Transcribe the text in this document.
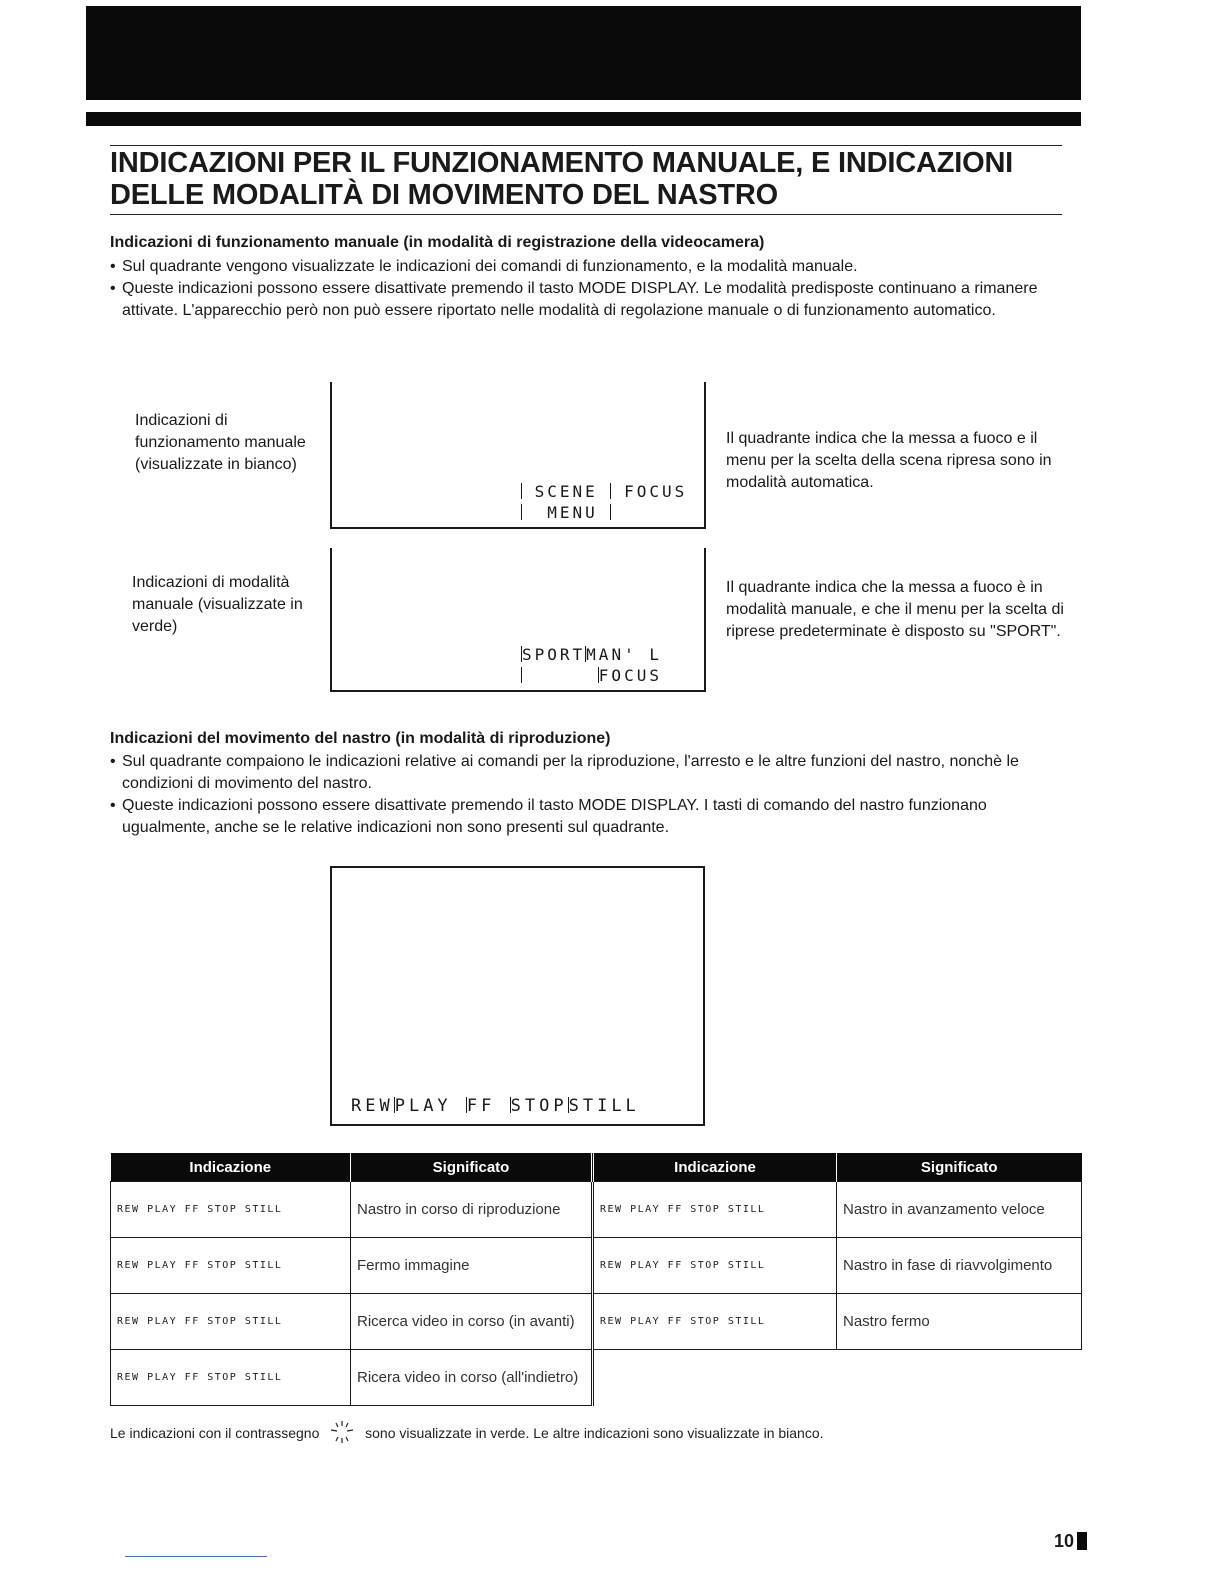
INDICAZIONI PER IL FUNZIONAMENTO MANUALE, E INDICAZIONI DELLE MODALITÀ DI MOVIMENTO DEL NASTRO

Indicazioni di funzionamento manuale (in modalità di registrazione della videocamera)

• Sul quadrante vengono visualizzate le indicazioni dei comandi di funzionamento, e la modalità manuale.
• Queste indicazioni possono essere disattivate premendo il tasto MODE DISPLAY. Le modalità predisposte continuano a rimanere attivate. L'apparecchio però non può essere riportato nelle modalità di regolazione manuale o di funzionamento automatico.
Indicazioni di funzionamento manuale (visualizzate in bianco)
SCENE FOCUS
MENU
Il quadrante indica che la messa a fuoco e il menu per la scelta della scena ripresa sono in modalità automatica.
Indicazioni di modalità manuale (visualizzate in verde)
SPORTMAN' L
FOCUS
Il quadrante indica che la messa a fuoco è in modalità manuale, e che il menu per la scelta di riprese predeterminate è disposto su "SPORT".

Indicazioni del movimento del nastro (in modalità di riproduzione)

• Sul quadrante compaiono le indicazioni relative ai comandi per la riproduzione, l'arresto e le altre funzioni del nastro, nonchè le condizioni di movimento del nastro.
• Queste indicazioni possono essere disattivate premendo il tasto MODE DISPLAY. I tasti di comando del nastro funzionano ugualmente, anche se le relative indicazioni non sono presenti sul quadrante.
REWPLAY FF STOPSTILL
Indicazione	Significato	Indicazione	Significato
REW PLAY FF STOP STILL	Nastro in corso di riproduzione	REW PLAY FF STOP STILL	Nastro in avanzamento veloce
REW PLAY FF STOP STILL	Fermo immagine	REW PLAY FF STOP STILL	Nastro in fase di riavvolgimento
REW PLAY FF STOP STILL	Ricerca video in corso (in avanti)	REW PLAY FF STOP STILL	Nastro fermo
REW PLAY FF STOP STILL	Ricera video in corso (all'indietro)		
Le indicazioni con il contrassegno	sono visualizzate in verde. Le altre indicazioni sono visualizzate in bianco.
10
